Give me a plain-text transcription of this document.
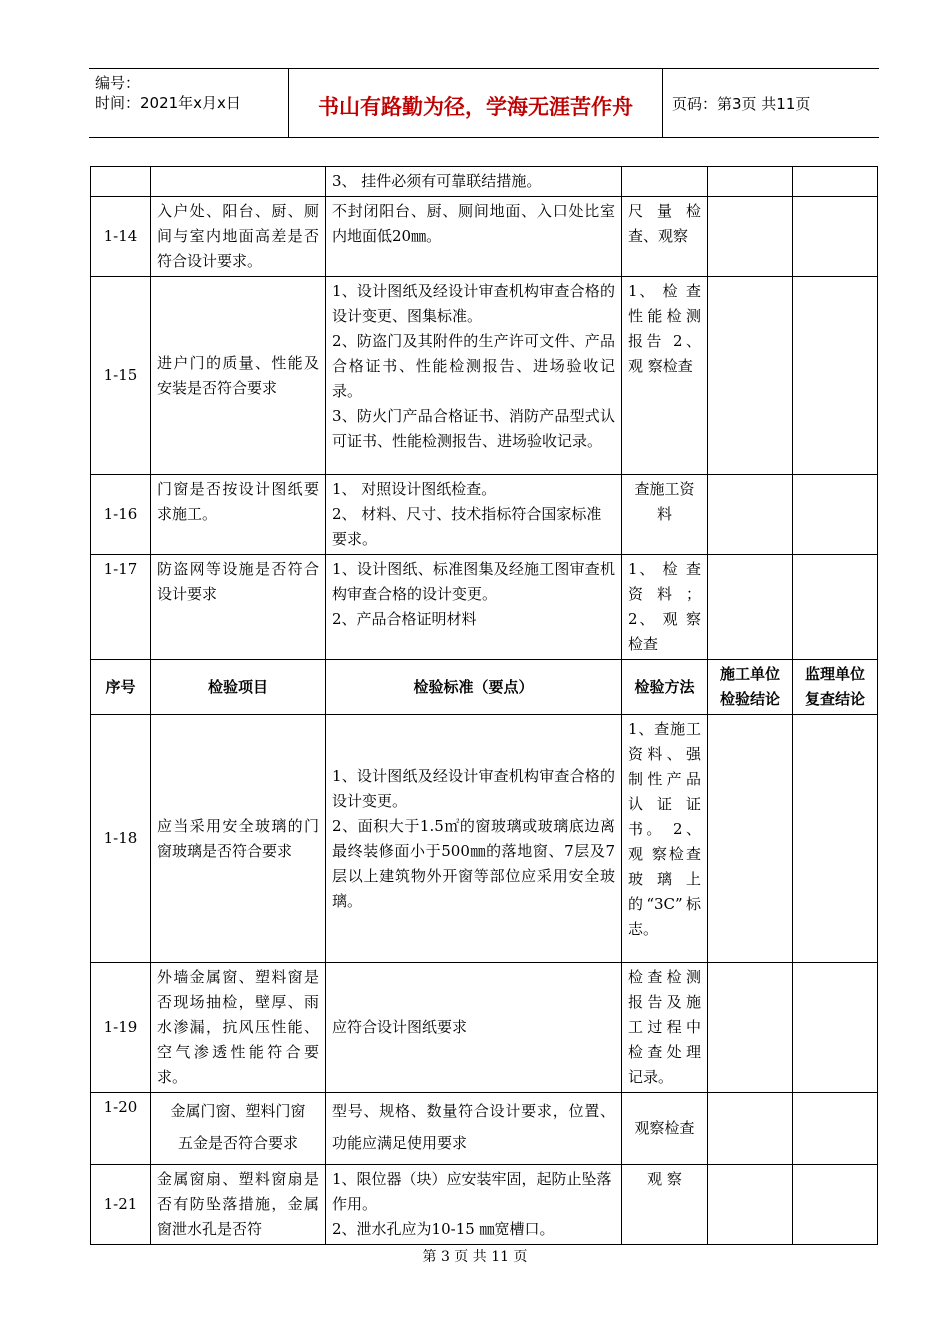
编号：
时间：2021年x月x日	书山有路勤为径，学海无涯苦作舟	页码：第3页 共11页

		3、 挂件必须有可靠联结措施。			

1-14	入户处、阳台、厨、厕间与室内地面高差是否符合设计要求。	不封闭阳台、厨、厕间地面、入口处比室内地面低20㎜。	尺 量 检查、观察		
1-15	进户门的质量、性能及安装是否符合要求	1、设计图纸及经设计审查机构审查合格的设计变更、图集标准。

2、防盗门及其附件的生产许可文件、产品合格证书、性能检测报告、进场验收记录。

3、防火门产品合格证书、消防产品型式认可证书、性能检测报告、进场验收记录。	1、 检 查性能检测报告 2、 观 察检查		
1-16	门窗是否按设计图纸要求施工。	1、 对照设计图纸检查。

2、 材料、尺寸、技术指标符合国家标准要求。	查施工资 料		
1-17	防盗网等设施是否符合设计要求	1、设计图纸、标准图集及经施工图审查机构审查合格的设计变更。

2、产品合格证明材料	1、 检 查资料； 2、 观 察检查		
序号	检验项目	检验标准（要点）	检验方法	施工单位检验结论	监理单位复查结论
1-18	应当采用安全玻璃的门窗玻璃是否符合要求	1、设计图纸及经设计审查机构审查合格的设计变更。

2、面积大于1.5㎡的窗玻璃或玻璃底边离最终装修面小于500㎜的落地窗、7层及7层以上建筑物外开窗等部位应采用安全玻璃。	1、查施工资料、强制性产品认证证书。 2、 观 察检查玻璃上 的“3C”标志。		
1-19	外墙金属窗、塑料窗是否现场抽检，壁厚、雨水渗漏，抗风压性能、空气渗透性能符合要求。	应符合设计图纸要求	检查检测报告及施工过程中检查处理记录。		
1-20	金属门窗、塑料门窗

五金是否符合要求	型号、规格、数量符合设计要求，位置、功能应满足使用要求	观察检查		
1-21	金属窗扇、塑料窗扇是否有防坠落措施，金属窗泄水孔是否符	1、限位器（块）应安装牢固，起防止坠落作用。

2、泄水孔应为10-15 ㎜宽槽口。	观 察		
第 3 页 共 11 页
